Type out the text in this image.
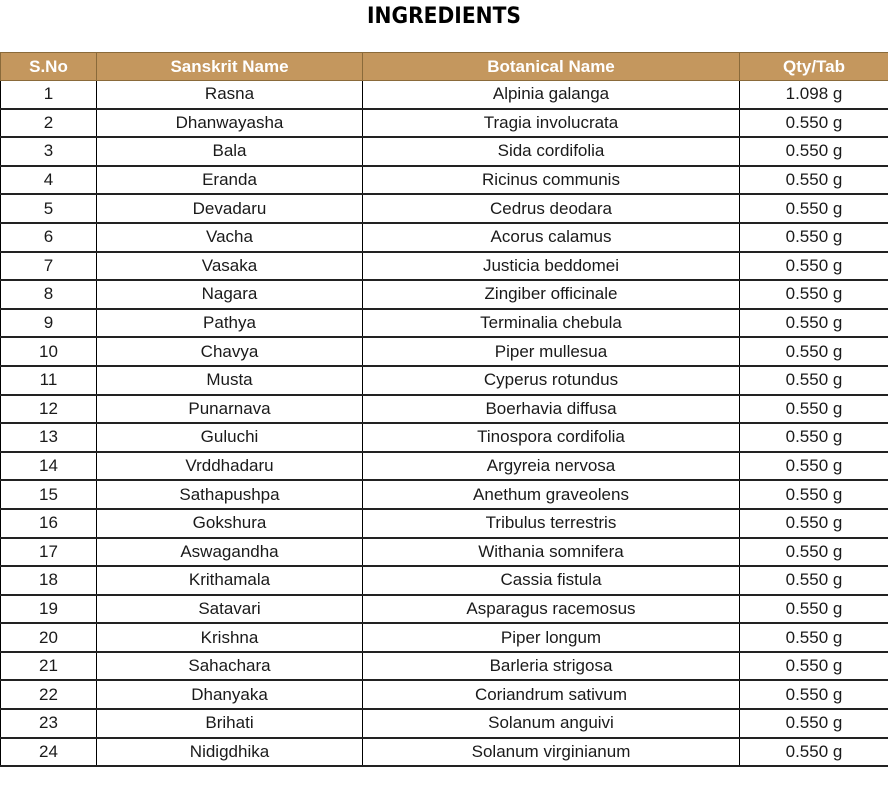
INGREDIENTS
S.No	Sanskrit Name	Botanical Name	Qty/Tab
1	Rasna	Alpinia galanga	1.098 g
2	Dhanwayasha	Tragia involucrata	0.550 g
3	Bala	Sida cordifolia	0.550 g
4	Eranda	Ricinus communis	0.550 g
5	Devadaru	Cedrus deodara	0.550 g
6	Vacha	Acorus calamus	0.550 g
7	Vasaka	Justicia beddomei	0.550 g
8	Nagara	Zingiber officinale	0.550 g
9	Pathya	Terminalia chebula	0.550 g
10	Chavya	Piper mullesua	0.550 g
11	Musta	Cyperus rotundus	0.550 g
12	Punarnava	Boerhavia diffusa	0.550 g
13	Guluchi	Tinospora cordifolia	0.550 g
14	Vrddhadaru	Argyreia nervosa	0.550 g
15	Sathapushpa	Anethum graveolens	0.550 g
16	Gokshura	Tribulus terrestris	0.550 g
17	Aswagandha	Withania somnifera	0.550 g
18	Krithamala	Cassia fistula	0.550 g
19	Satavari	Asparagus racemosus	0.550 g
20	Krishna	Piper longum	0.550 g
21	Sahachara	Barleria strigosa	0.550 g
22	Dhanyaka	Coriandrum sativum	0.550 g
23	Brihati	Solanum anguivi	0.550 g
24	Nidigdhika	Solanum virginianum	0.550 g
